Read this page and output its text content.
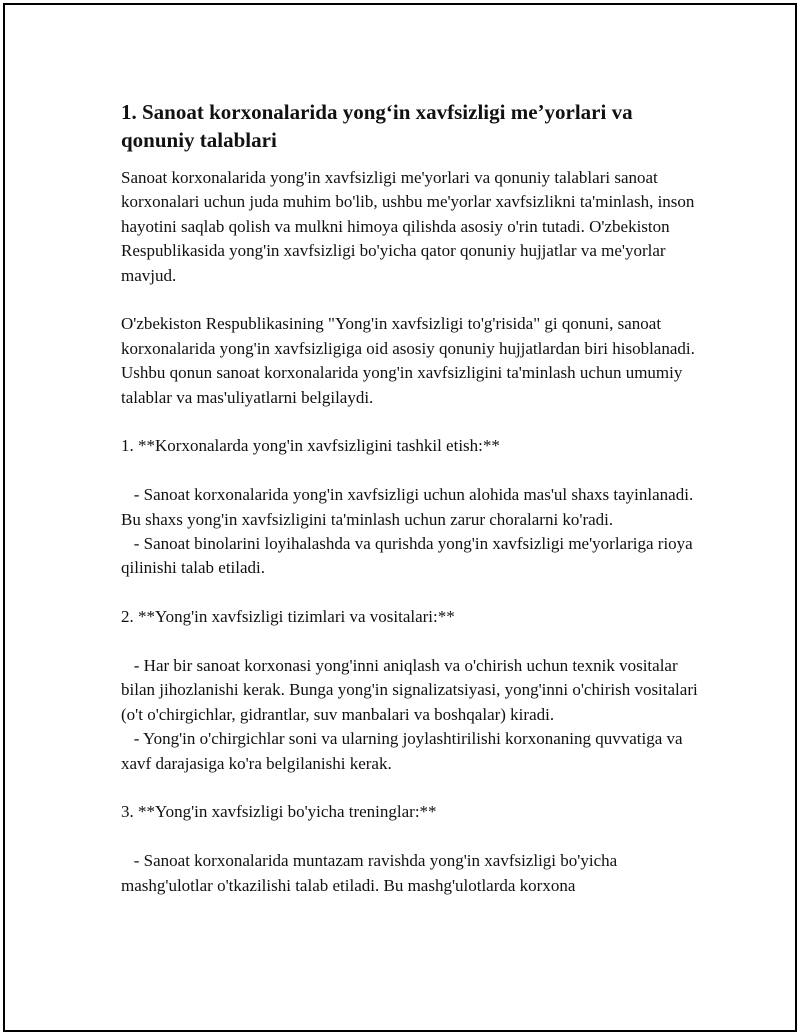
1. Sanoat korxonalarida yong‘in xavfsizligi me’yorlari va qonuniy talablari

Sanoat korxonalarida yong'in xavfsizligi me'yorlari va qonuniy talablari sanoat korxonalari uchun juda muhim bo'lib, ushbu me'yorlar xavfsizlikni ta'minlash, inson hayotini saqlab qolish va mulkni himoya qilishda asosiy o'rin tutadi. O'zbekiston Respublikasida yong'in xavfsizligi bo'yicha qator qonuniy hujjatlar va me'yorlar mavjud.

O'zbekiston Respublikasining "Yong'in xavfsizligi to'g'risida" gi qonuni, sanoat korxonalarida yong'in xavfsizligiga oid asosiy qonuniy hujjatlardan biri hisoblanadi. Ushbu qonun sanoat korxonalarida yong'in xavfsizligini ta'minlash uchun umumiy talablar va mas'uliyatlarni belgilaydi.

1. **Korxonalarda yong'in xavfsizligini tashkil etish:**

- Sanoat korxonalarida yong'in xavfsizligi uchun alohida mas'ul shaxs tayinlanadi. Bu shaxs yong'in xavfsizligini ta'minlash uchun zarur choralarni ko'radi.
- Sanoat binolarini loyihalashda va qurishda yong'in xavfsizligi me'yorlariga rioya qilinishi talab etiladi.

2. **Yong'in xavfsizligi tizimlari va vositalari:**

- Har bir sanoat korxonasi yong'inni aniqlash va o'chirish uchun texnik vositalar bilan jihozlanishi kerak. Bunga yong'in signalizatsiyasi, yong'inni o'chirish vositalari (o't o'chirgichlar, gidrantlar, suv manbalari va boshqalar) kiradi.
- Yong'in o'chirgichlar soni va ularning joylashtirilishi korxonaning quvvatiga va xavf darajasiga ko'ra belgilanishi kerak.

3. **Yong'in xavfsizligi bo'yicha treninglar:**

- Sanoat korxonalarida muntazam ravishda yong'in xavfsizligi bo'yicha mashg'ulotlar o'tkazilishi talab etiladi. Bu mashg'ulotlarda korxona
